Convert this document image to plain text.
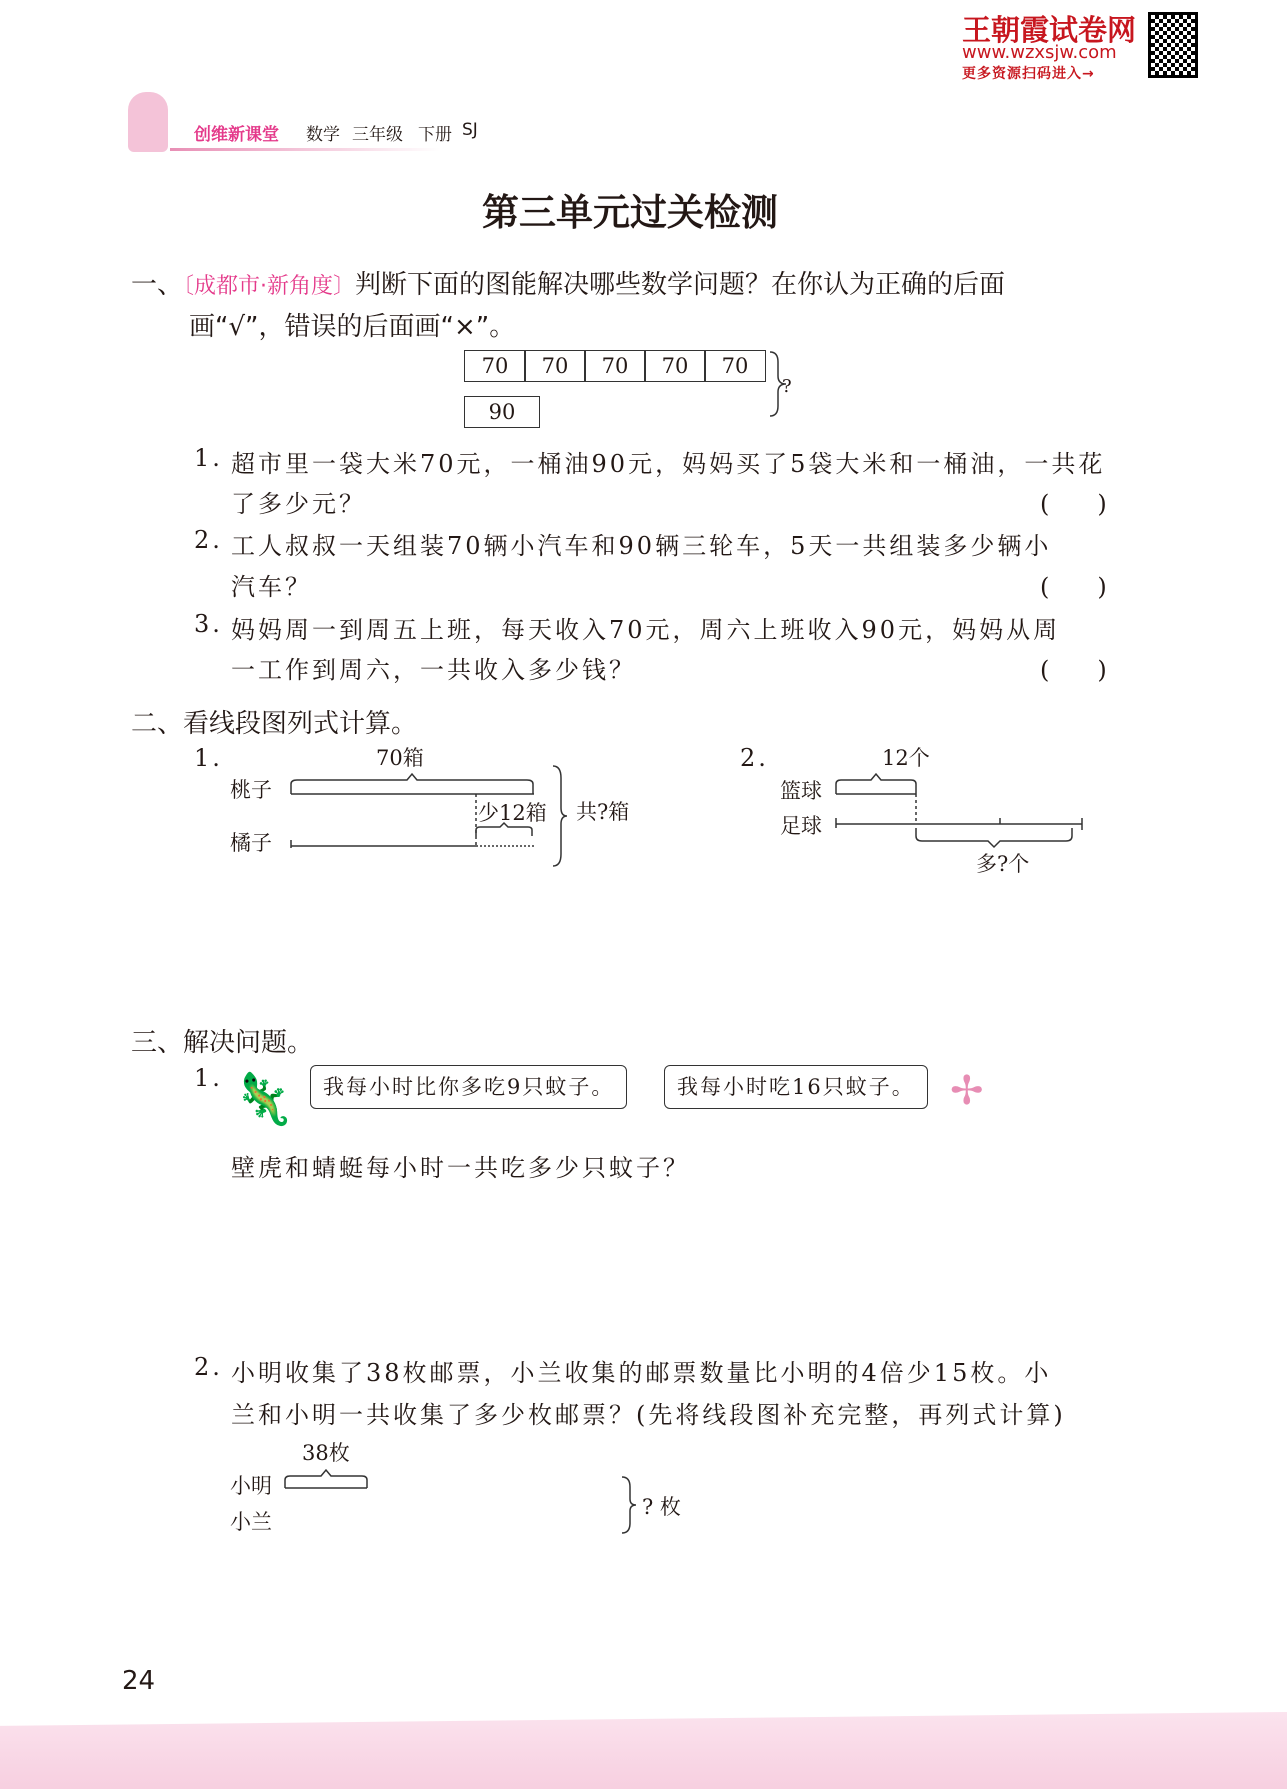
王朝霞试卷网
www.wzxsjw.com
更多资源扫码进入→
创维新课堂 数学 三年级 下册 SJ
第三单元过关检测
一、〔成都市·新角度〕判断下面的图能解决哪些数学问题？在你认为正确的后面
画“√”，错误的后面画“×”。
70	70	70	70	70
90
?
1. 超市里一袋大米70元，一桶油90元，妈妈买了5袋大米和一桶油，一共花
了多少元？	(　　)
2. 工人叔叔一天组装70辆小汽车和90辆三轮车，5天一共组装多少辆小
汽车？	(　　)
3. 妈妈周一到周五上班，每天收入70元，周六上班收入90元，妈妈从周
一工作到周六，一共收入多少钱？	(　　)
二、看线段图列式计算。
1.	70箱
桃子
橘子
少12箱 共?箱
2.	12个
篮球
足球
多?个
三、解决问题。
1. 🦎	我每小时比你多吃9只蚊子。	我每小时吃16只蚊子。 ✢
壁虎和蜻蜓每小时一共吃多少只蚊子？
2. 小明收集了38枚邮票，小兰收集的邮票数量比小明的4倍少15枚。小
兰和小明一共收集了多少枚邮票？(先将线段图补充完整，再列式计算)
38枚
小明
小兰
? 枚
24
